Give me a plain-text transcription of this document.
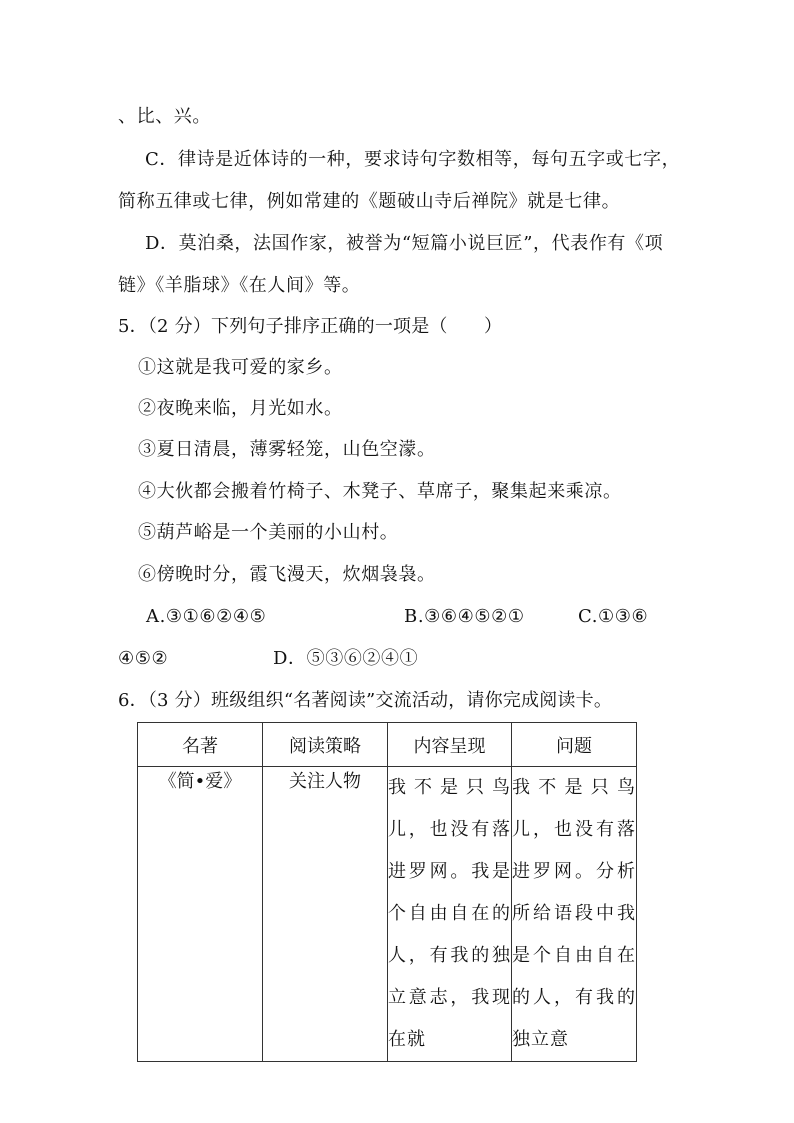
、比、兴。
C．律诗是近体诗的一种，要求诗句字数相等，每句五字或七字，
简称五律或七律，例如常建的《题破山寺后禅院》就是七律。
D．莫泊桑，法国作家，被誉为“短篇小说巨匠”，代表作有《项
链》《羊脂球》《在人间》等。
5．（2 分）下列句子排序正确的一项是（　　）
①这就是我可爱的家乡。
②夜晚来临，月光如水。
③夏日清晨，薄雾轻笼，山色空濛。
④大伙都会搬着竹椅子、木凳子、草席子，聚集起来乘凉。
⑤葫芦峪是一个美丽的小山村。
⑥傍晚时分，霞飞漫天，炊烟袅袅。
A.③①⑥②④⑤	B.③⑥④⑤②①	C.①③⑥
④⑤②	D．⑤③⑥②④①
6．（3 分）班级组织“名著阅读”交流活动，请你完成阅读卡。
名著	阅读策略	内容呈现	问题
《简•爱》	关注人物	我不是只鸟儿，也没有落进罗网。我是个自由自在的人，有我的独立意志，我现在就	我不是只鸟儿，也没有落进罗网。分析所给语段中我是个自由自在的人，有我的独立意
